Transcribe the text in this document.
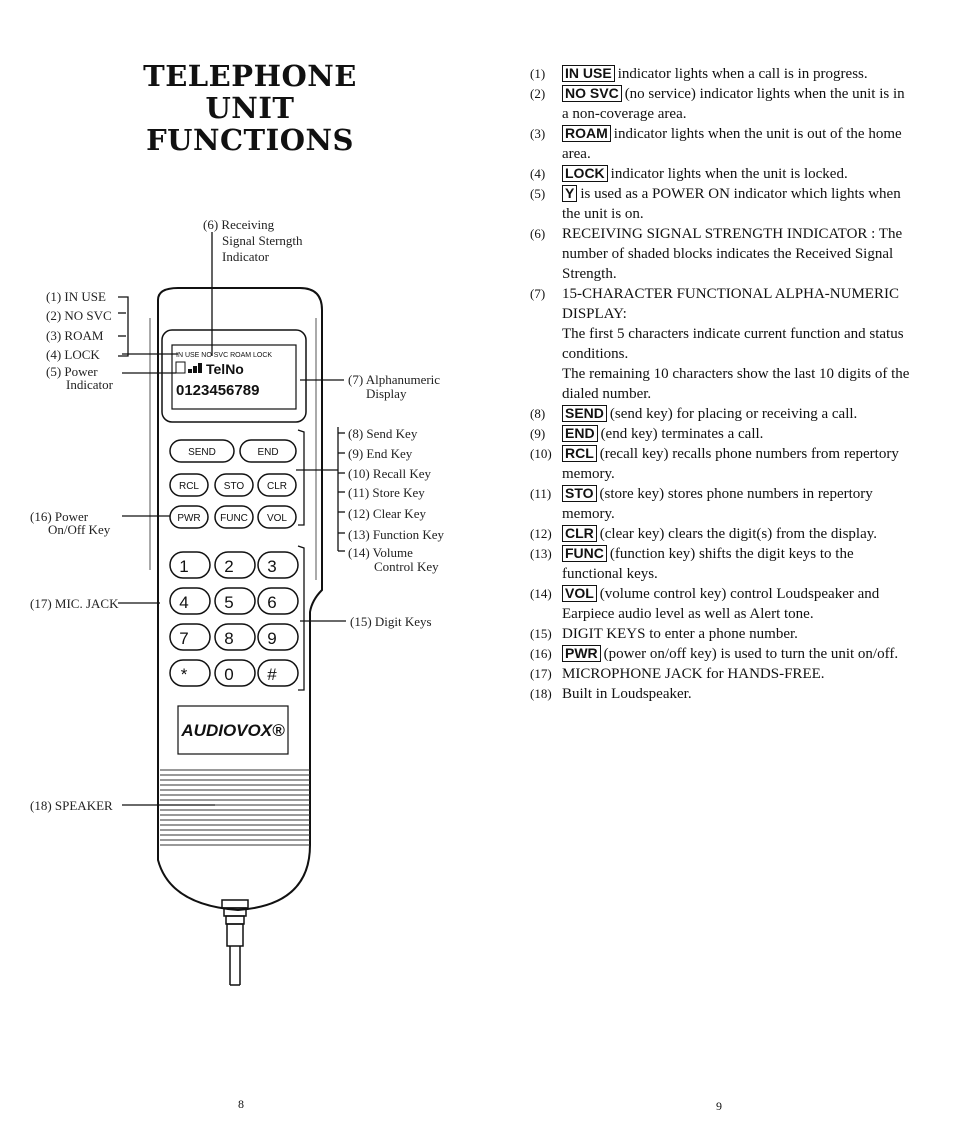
TELEPHONE UNIT
FUNCTIONS
IN USE NO SVC ROAM LOCK
TelNo
0123456789
SEND	END
RCL STO CLR
PWR FUNC VOL
1 2 3
4 5 6
7 8 9
* 0 #
AUDIOVOX®
(1) IN USE
(2) NO SVC
(3) ROAM
(4) LOCK
(5) Power
Indicator
(6) Receiving
Signal Sterngth
Indicator
(7) Alphanumeric
Display
(8) Send Key
(9) End Key
(10) Recall Key
(11) Store Key
(12) Clear Key
(13) Function Key
(14) Volume
Control Key
(15) Digit Keys
(16) Power
On/Off Key
(17) MIC. JACK
(18) SPEAKER
(1) IN USE indicator lights when a call is in progress.
(2) NO SVC (no service) indicator lights when the unit is in a non-coverage area.
(3) ROAM indicator lights when the unit is out of the home area.
(4) LOCK indicator lights when the unit is locked.
(5) Y is used as a POWER ON indicator which lights when the unit is on.
(6) RECEIVING SIGNAL STRENGTH INDICATOR : The number of shaded blocks indicates the Received Signal Strength.
(7) 15-CHARACTER FUNCTIONAL ALPHA-NUMERIC DISPLAY:
The first 5 characters indicate current function and status conditions.
The remaining 10 characters show the last 10 digits of the dialed number.
(8) SEND (send key) for placing or receiving a call.
(9) END (end key) terminates a call.
(10) RCL (recall key) recalls phone numbers from repertory memory.
(11) STO (store key) stores phone numbers in repertory memory.
(12) CLR (clear key) clears the digit(s) from the display.
(13) FUNC (function key) shifts the digit keys to the functional keys.
(14) VOL (volume control key) control Loudspeaker and Earpiece audio level as well as Alert tone.
(15) DIGIT KEYS to enter a phone number.
(16) PWR (power on/off key) is used to turn the unit on/off.
(17) MICROPHONE JACK for HANDS-FREE.
(18) Built in Loudspeaker.
8	9
